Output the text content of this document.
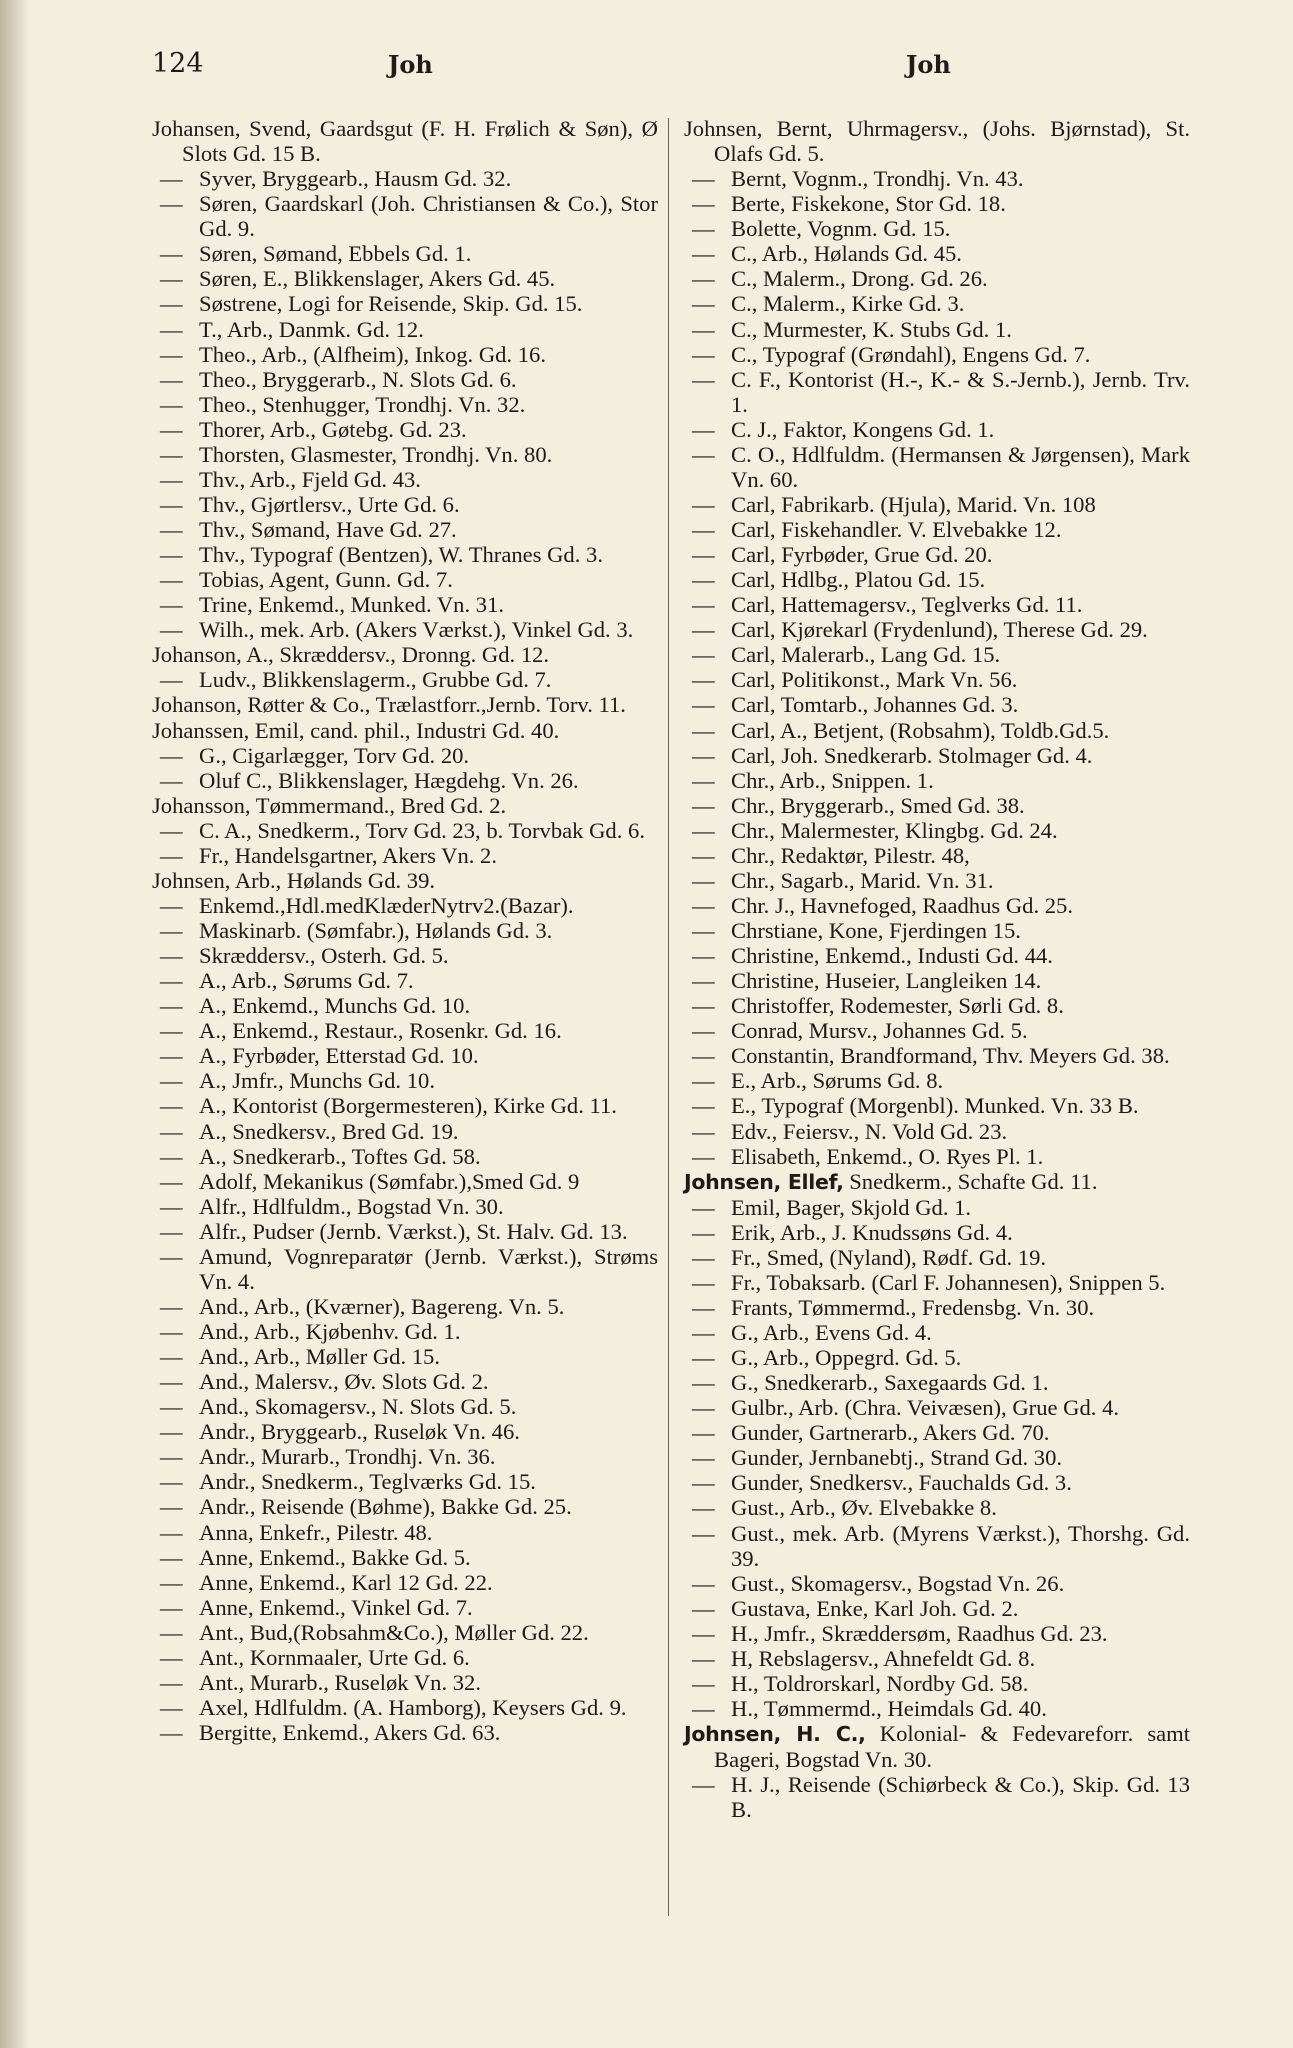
124	Joh	Joh

Johansen, Svend, Gaardsgut (F. H. Frølich & Søn), Ø Slots Gd. 15 B.

— Syver, Bryggearb., Hausm Gd. 32.

— Søren, Gaardskarl (Joh. Christiansen & Co.), Stor Gd. 9.

— Søren, Sømand, Ebbels Gd. 1.

— Søren, E., Blikkenslager, Akers Gd. 45.

— Søstrene, Logi for Reisende, Skip. Gd. 15.

— T., Arb., Danmk. Gd. 12.

— Theo., Arb., (Alfheim), Inkog. Gd. 16.

— Theo., Bryggerarb., N. Slots Gd. 6.

— Theo., Stenhugger, Trondhj. Vn. 32.

— Thorer, Arb., Gøtebg. Gd. 23.

— Thorsten, Glasmester, Trondhj. Vn. 80.

— Thv., Arb., Fjeld Gd. 43.

— Thv., Gjørtlersv., Urte Gd. 6.

— Thv., Sømand, Have Gd. 27.

— Thv., Typograf (Bentzen), W. Thranes Gd. 3.

— Tobias, Agent, Gunn. Gd. 7.

— Trine, Enkemd., Munked. Vn. 31.

— Wilh., mek. Arb. (Akers Værkst.), Vinkel Gd. 3.

Johanson, A., Skræddersv., Dronng. Gd. 12.

— Ludv., Blikkenslagerm., Grubbe Gd. 7.

Johanson, Røtter & Co., Trælastforr.,Jernb. Torv. 11.

Johanssen, Emil, cand. phil., Industri Gd. 40.

— G., Cigarlægger, Torv Gd. 20.

— Oluf C., Blikkenslager, Hægdehg. Vn. 26.

Johansson, Tømmermand., Bred Gd. 2.

— C. A., Snedkerm., Torv Gd. 23, b. Torvbak Gd. 6.

— Fr., Handelsgartner, Akers Vn. 2.

Johnsen, Arb., Hølands Gd. 39.

— Enkemd.,Hdl.medKlæderNytrv2.(Bazar).

— Maskinarb. (Sømfabr.), Hølands Gd. 3.

— Skræddersv., Osterh. Gd. 5.

— A., Arb., Sørums Gd. 7.

— A., Enkemd., Munchs Gd. 10.

— A., Enkemd., Restaur., Rosenkr. Gd. 16.

— A., Fyrbøder, Etterstad Gd. 10.

— A., Jmfr., Munchs Gd. 10.

— A., Kontorist (Borgermesteren), Kirke Gd. 11.

— A., Snedkersv., Bred Gd. 19.

— A., Snedkerarb., Toftes Gd. 58.

— Adolf, Mekanikus (Sømfabr.),Smed Gd. 9

— Alfr., Hdlfuldm., Bogstad Vn. 30.

— Alfr., Pudser (Jernb. Værkst.), St. Halv. Gd. 13.

— Amund, Vognreparatør (Jernb. Værkst.), Strøms Vn. 4.

— And., Arb., (Kværner), Bagereng. Vn. 5.

— And., Arb., Kjøbenhv. Gd. 1.

— And., Arb., Møller Gd. 15.

— And., Malersv., Øv. Slots Gd. 2.

— And., Skomagersv., N. Slots Gd. 5.

— Andr., Bryggearb., Ruseløk Vn. 46.

— Andr., Murarb., Trondhj. Vn. 36.

— Andr., Snedkerm., Teglværks Gd. 15.

— Andr., Reisende (Bøhme), Bakke Gd. 25.

— Anna, Enkefr., Pilestr. 48.

— Anne, Enkemd., Bakke Gd. 5.

— Anne, Enkemd., Karl 12 Gd. 22.

— Anne, Enkemd., Vinkel Gd. 7.

— Ant., Bud,(Robsahm&Co.), Møller Gd. 22.

— Ant., Kornmaaler, Urte Gd. 6.

— Ant., Murarb., Ruseløk Vn. 32.

— Axel, Hdlfuldm. (A. Hamborg), Keysers Gd. 9.

— Bergitte, Enkemd., Akers Gd. 63.

Johnsen, Bernt, Uhrmagersv., (Johs. Bjørnstad), St. Olafs Gd. 5.

— Bernt, Vognm., Trondhj. Vn. 43.

— Berte, Fiskekone, Stor Gd. 18.

— Bolette, Vognm. Gd. 15.

— C., Arb., Hølands Gd. 45.

— C., Malerm., Drong. Gd. 26.

— C., Malerm., Kirke Gd. 3.

— C., Murmester, K. Stubs Gd. 1.

— C., Typograf (Grøndahl), Engens Gd. 7.

— C. F., Kontorist (H.-, K.- & S.-Jernb.), Jernb. Trv. 1.

— C. J., Faktor, Kongens Gd. 1.

— C. O., Hdlfuldm. (Hermansen & Jørgensen), Mark Vn. 60.

— Carl, Fabrikarb. (Hjula), Marid. Vn. 108

— Carl, Fiskehandler. V. Elvebakke 12.

— Carl, Fyrbøder, Grue Gd. 20.

— Carl, Hdlbg., Platou Gd. 15.

— Carl, Hattemagersv., Teglverks Gd. 11.

— Carl, Kjørekarl (Frydenlund), Therese Gd. 29.

— Carl, Malerarb., Lang Gd. 15.

— Carl, Politikonst., Mark Vn. 56.

— Carl, Tomtarb., Johannes Gd. 3.

— Carl, A., Betjent, (Robsahm), Toldb.Gd.5.

— Carl, Joh. Snedkerarb. Stolmager Gd. 4.

— Chr., Arb., Snippen. 1.

— Chr., Bryggerarb., Smed Gd. 38.

— Chr., Malermester, Klingbg. Gd. 24.

— Chr., Redaktør, Pilestr. 48,

— Chr., Sagarb., Marid. Vn. 31.

— Chr. J., Havnefoged, Raadhus Gd. 25.

— Chrstiane, Kone, Fjerdingen 15.

— Christine, Enkemd., Industi Gd. 44.

— Christine, Huseier, Langleiken 14.

— Christoffer, Rodemester, Sørli Gd. 8.

— Conrad, Mursv., Johannes Gd. 5.

— Constantin, Brandformand, Thv. Meyers Gd. 38.

— E., Arb., Sørums Gd. 8.

— E., Typograf (Morgenbl). Munked. Vn. 33 B.

— Edv., Feiersv., N. Vold Gd. 23.

— Elisabeth, Enkemd., O. Ryes Pl. 1.

Johnsen, Ellef, Snedkerm., Schafte Gd. 11.

— Emil, Bager, Skjold Gd. 1.

— Erik, Arb., J. Knudssøns Gd. 4.

— Fr., Smed, (Nyland), Rødf. Gd. 19.

— Fr., Tobaksarb. (Carl F. Johannesen), Snippen 5.

— Frants, Tømmermd., Fredensbg. Vn. 30.

— G., Arb., Evens Gd. 4.

— G., Arb., Oppegrd. Gd. 5.

— G., Snedkerarb., Saxegaards Gd. 1.

— Gulbr., Arb. (Chra. Veivæsen), Grue Gd. 4.

— Gunder, Gartnerarb., Akers Gd. 70.

— Gunder, Jernbanebtj., Strand Gd. 30.

— Gunder, Snedkersv., Fauchalds Gd. 3.

— Gust., Arb., Øv. Elvebakke 8.

— Gust., mek. Arb. (Myrens Værkst.), Thorshg. Gd. 39.

— Gust., Skomagersv., Bogstad Vn. 26.

— Gustava, Enke, Karl Joh. Gd. 2.

— H., Jmfr., Skræddersøm, Raadhus Gd. 23.

— H, Rebslagersv., Ahnefeldt Gd. 8.

— H., Toldrorskarl, Nordby Gd. 58.

— H., Tømmermd., Heimdals Gd. 40.

Johnsen, H. C., Kolonial- & Fedevareforr. samt Bageri, Bogstad Vn. 30.

— H. J., Reisende (Schiørbeck & Co.), Skip. Gd. 13 B.
